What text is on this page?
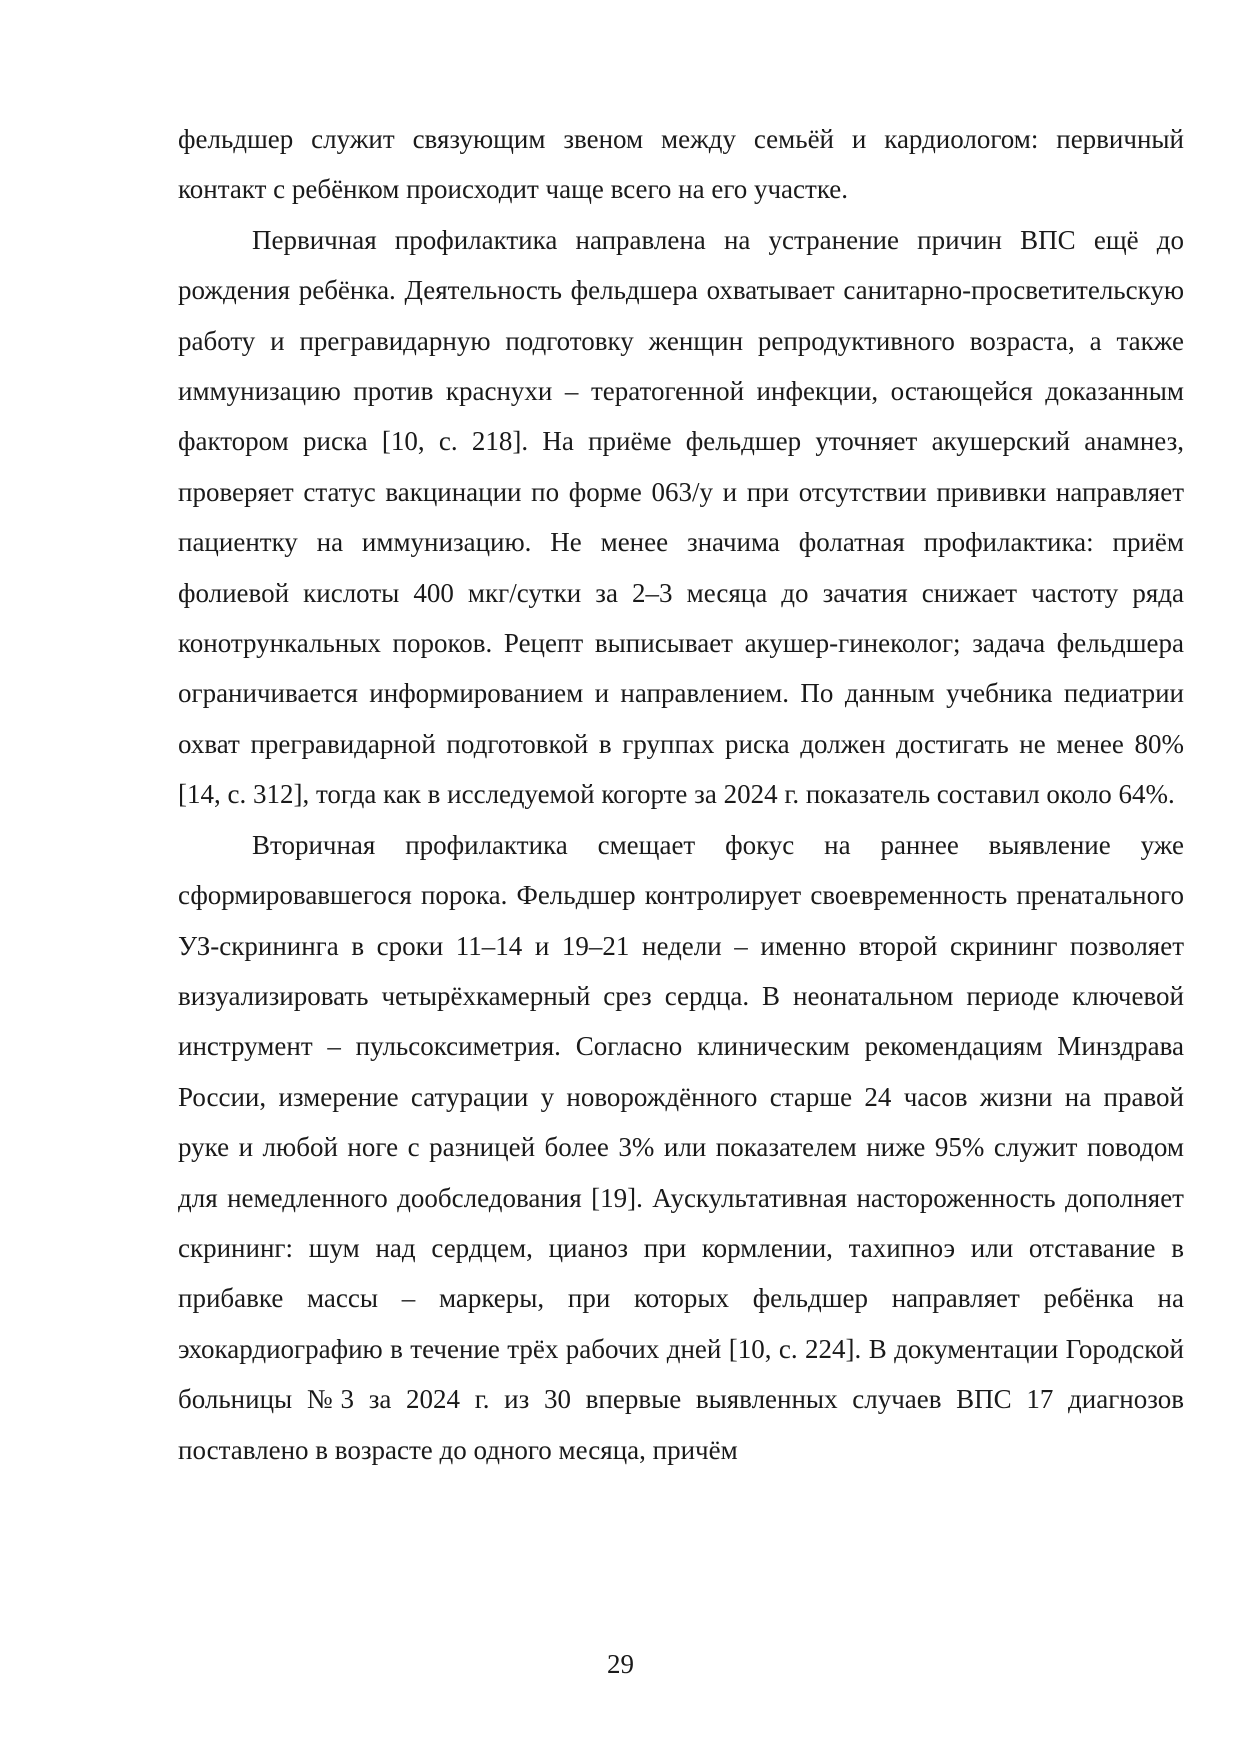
фельдшер служит связующим звеном между семьёй и кардиологом: первичный контакт с ребёнком происходит чаще всего на его участке.

Первичная профилактика направлена на устранение причин ВПС ещё до рождения ребёнка. Деятельность фельдшера охватывает санитарно-просветительскую работу и прегравидарную подготовку женщин репродуктивного возраста, а также иммунизацию против краснухи – тератогенной инфекции, остающейся доказанным фактором риска [10, с. 218]. На приёме фельдшер уточняет акушерский анамнез, проверяет статус вакцинации по форме 063/у и при отсутствии прививки направляет пациентку на иммунизацию. Не менее значима фолатная профилактика: приём фолиевой кислоты 400 мкг/сутки за 2–3 месяца до зачатия снижает частоту ряда конотрункальных пороков. Рецепт выписывает акушер-гинеколог; задача фельдшера ограничивается информированием и направлением. По данным учебника педиатрии охват прегравидарной подготовкой в группах риска должен достигать не менее 80% [14, с. 312], тогда как в исследуемой когорте за 2024 г. показатель составил около 64%.

Вторичная профилактика смещает фокус на раннее выявление уже сформировавшегося порока. Фельдшер контролирует своевременность пренатального УЗ-скрининга в сроки 11–14 и 19–21 недели – именно второй скрининг позволяет визуализировать четырёхкамерный срез сердца. В неонатальном периоде ключевой инструмент – пульсоксиметрия. Согласно клиническим рекомендациям Минздрава России, измерение сатурации у новорождённого старше 24 часов жизни на правой руке и любой ноге с разницей более 3% или показателем ниже 95% служит поводом для немедленного дообследования [19]. Аускультативная настороженность дополняет скрининг: шум над сердцем, цианоз при кормлении, тахипноэ или отставание в прибавке массы – маркеры, при которых фельдшер направляет ребёнка на эхокардиографию в течение трёх рабочих дней [10, с. 224]. В документации Городской больницы №3 за 2024 г. из 30 впервые выявленных случаев ВПС 17 диагнозов поставлено в возрасте до одного месяца, причём

29
